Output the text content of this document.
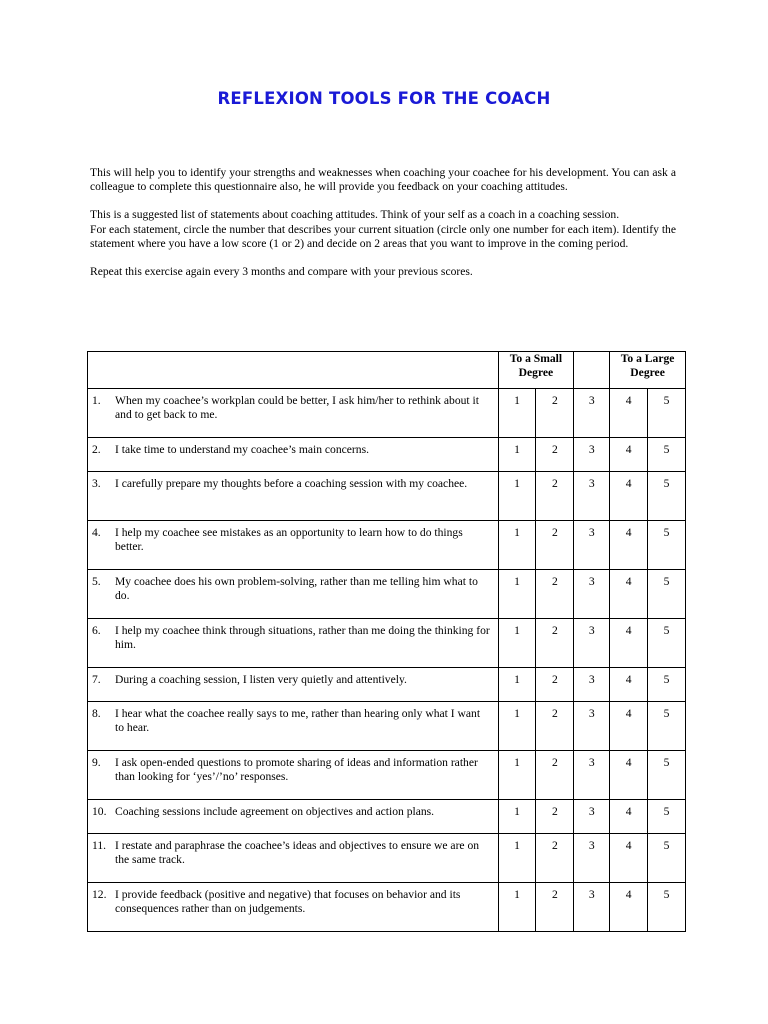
REFLEXION TOOLS FOR THE COACH

This will help you to identify your strengths and weaknesses when coaching your coachee for his development. You can ask a colleague to complete this questionnaire also, he will provide you feedback on your coaching attitudes.

This is a suggested list of statements about coaching attitudes. Think of your self as a coach in a coaching session.

For each statement, circle the number that describes your current situation (circle only one number for each item). Identify the statement where you have a low score (1 or 2) and decide on 2 areas that you want to improve in the coming period.

Repeat this exercise again every 3 months and compare with your previous scores.

	To a Small Degree			To a Large Degree	

1. When my coachee’s workplan could be better, I ask him/her to rethink about it and to get back to me.	1	2	3	4	5

2. I take time to understand my coachee’s main concerns.	1	2	3	4	5

3. I carefully prepare my thoughts before a coaching session with my coachee.	1	2	3	4	5

4. I help my coachee see mistakes as an opportunity to learn how to do things better.	1	2	3	4	5

5. My coachee does his own problem-solving, rather than me telling him what to do.	1	2	3	4	5

6. I help my coachee think through situations, rather than me doing the thinking for him.	1	2	3	4	5

7. During a coaching session, I listen very quietly and attentively.	1	2	3	4	5

8. I hear what the coachee really says to me, rather than hearing only what I want to hear.	1	2	3	4	5

9. I ask open-ended questions to promote sharing of ideas and information rather than looking for ‘yes’/’no’ responses.	1	2	3	4	5

10. Coaching sessions include agreement on objectives and action plans.	1	2	3	4	5

11. I restate and paraphrase the coachee’s ideas and objectives to ensure we are on the same track.	1	2	3	4	5

12. I provide feedback (positive and negative) that focuses on behavior and its consequences rather than on judgements.	1	2	3	4	5
